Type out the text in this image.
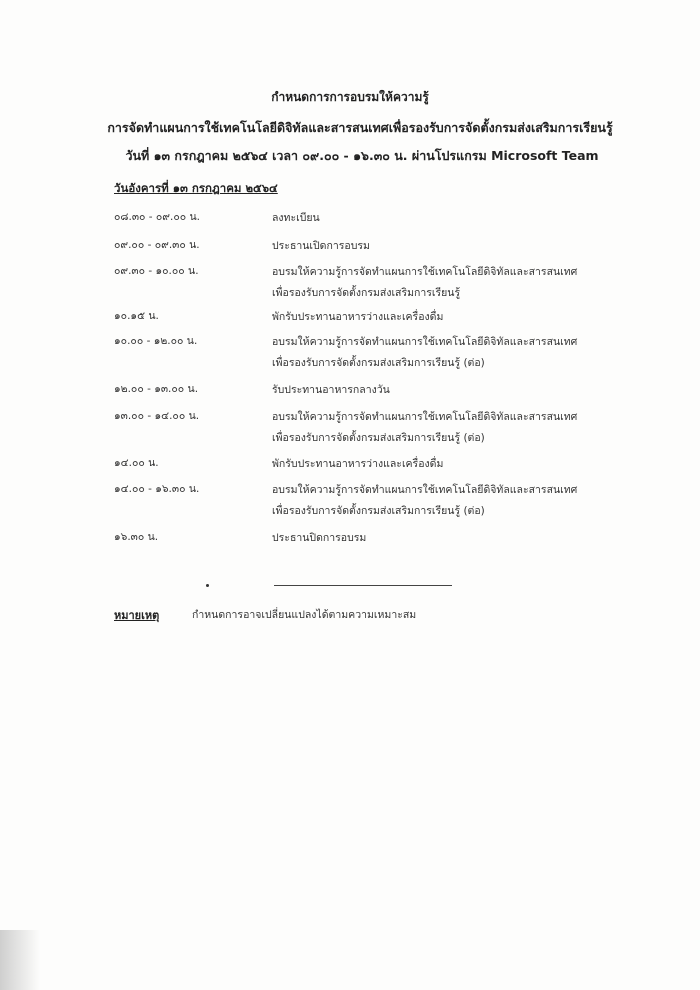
กำหนดการการอบรมให้ความรู้
การจัดทำแผนการใช้เทคโนโลยีดิจิทัลและสารสนเทศเพื่อรองรับการจัดตั้งกรมส่งเสริมการเรียนรู้
วันที่ ๑๓ กรกฎาคม ๒๕๖๔ เวลา ๐๙.๐๐ - ๑๖.๓๐ น. ผ่านโปรแกรม Microsoft Team
วันอังคารที่ ๑๓ กรกฎาคม ๒๕๖๔
๐๘.๓๐ - ๐๙.๐๐ น.	ลงทะเบียน
๐๙.๐๐ - ๐๙.๓๐ น.	ประธานเปิดการอบรม
๐๙.๓๐ - ๑๐.๐๐ น.	อบรมให้ความรู้การจัดทำแผนการใช้เทคโนโลยีดิจิทัลและสารสนเทศ
เพื่อรองรับการจัดตั้งกรมส่งเสริมการเรียนรู้
๑๐.๑๕ น.	พักรับประทานอาหารว่างและเครื่องดื่ม
๑๐.๐๐ - ๑๒.๐๐ น.	อบรมให้ความรู้การจัดทำแผนการใช้เทคโนโลยีดิจิทัลและสารสนเทศ
เพื่อรองรับการจัดตั้งกรมส่งเสริมการเรียนรู้ (ต่อ)
๑๒.๐๐ - ๑๓.๐๐ น.	รับประทานอาหารกลางวัน
๑๓.๐๐ - ๑๔.๐๐ น.	อบรมให้ความรู้การจัดทำแผนการใช้เทคโนโลยีดิจิทัลและสารสนเทศ
เพื่อรองรับการจัดตั้งกรมส่งเสริมการเรียนรู้ (ต่อ)
๑๔.๐๐ น.	พักรับประทานอาหารว่างและเครื่องดื่ม
๑๔.๐๐ - ๑๖.๓๐ น.	อบรมให้ความรู้การจัดทำแผนการใช้เทคโนโลยีดิจิทัลและสารสนเทศ
เพื่อรองรับการจัดตั้งกรมส่งเสริมการเรียนรู้ (ต่อ)
๑๖.๓๐ น.	ประธานปิดการอบรม
หมายเหตุ	กำหนดการอาจเปลี่ยนแปลงได้ตามความเหมาะสม
